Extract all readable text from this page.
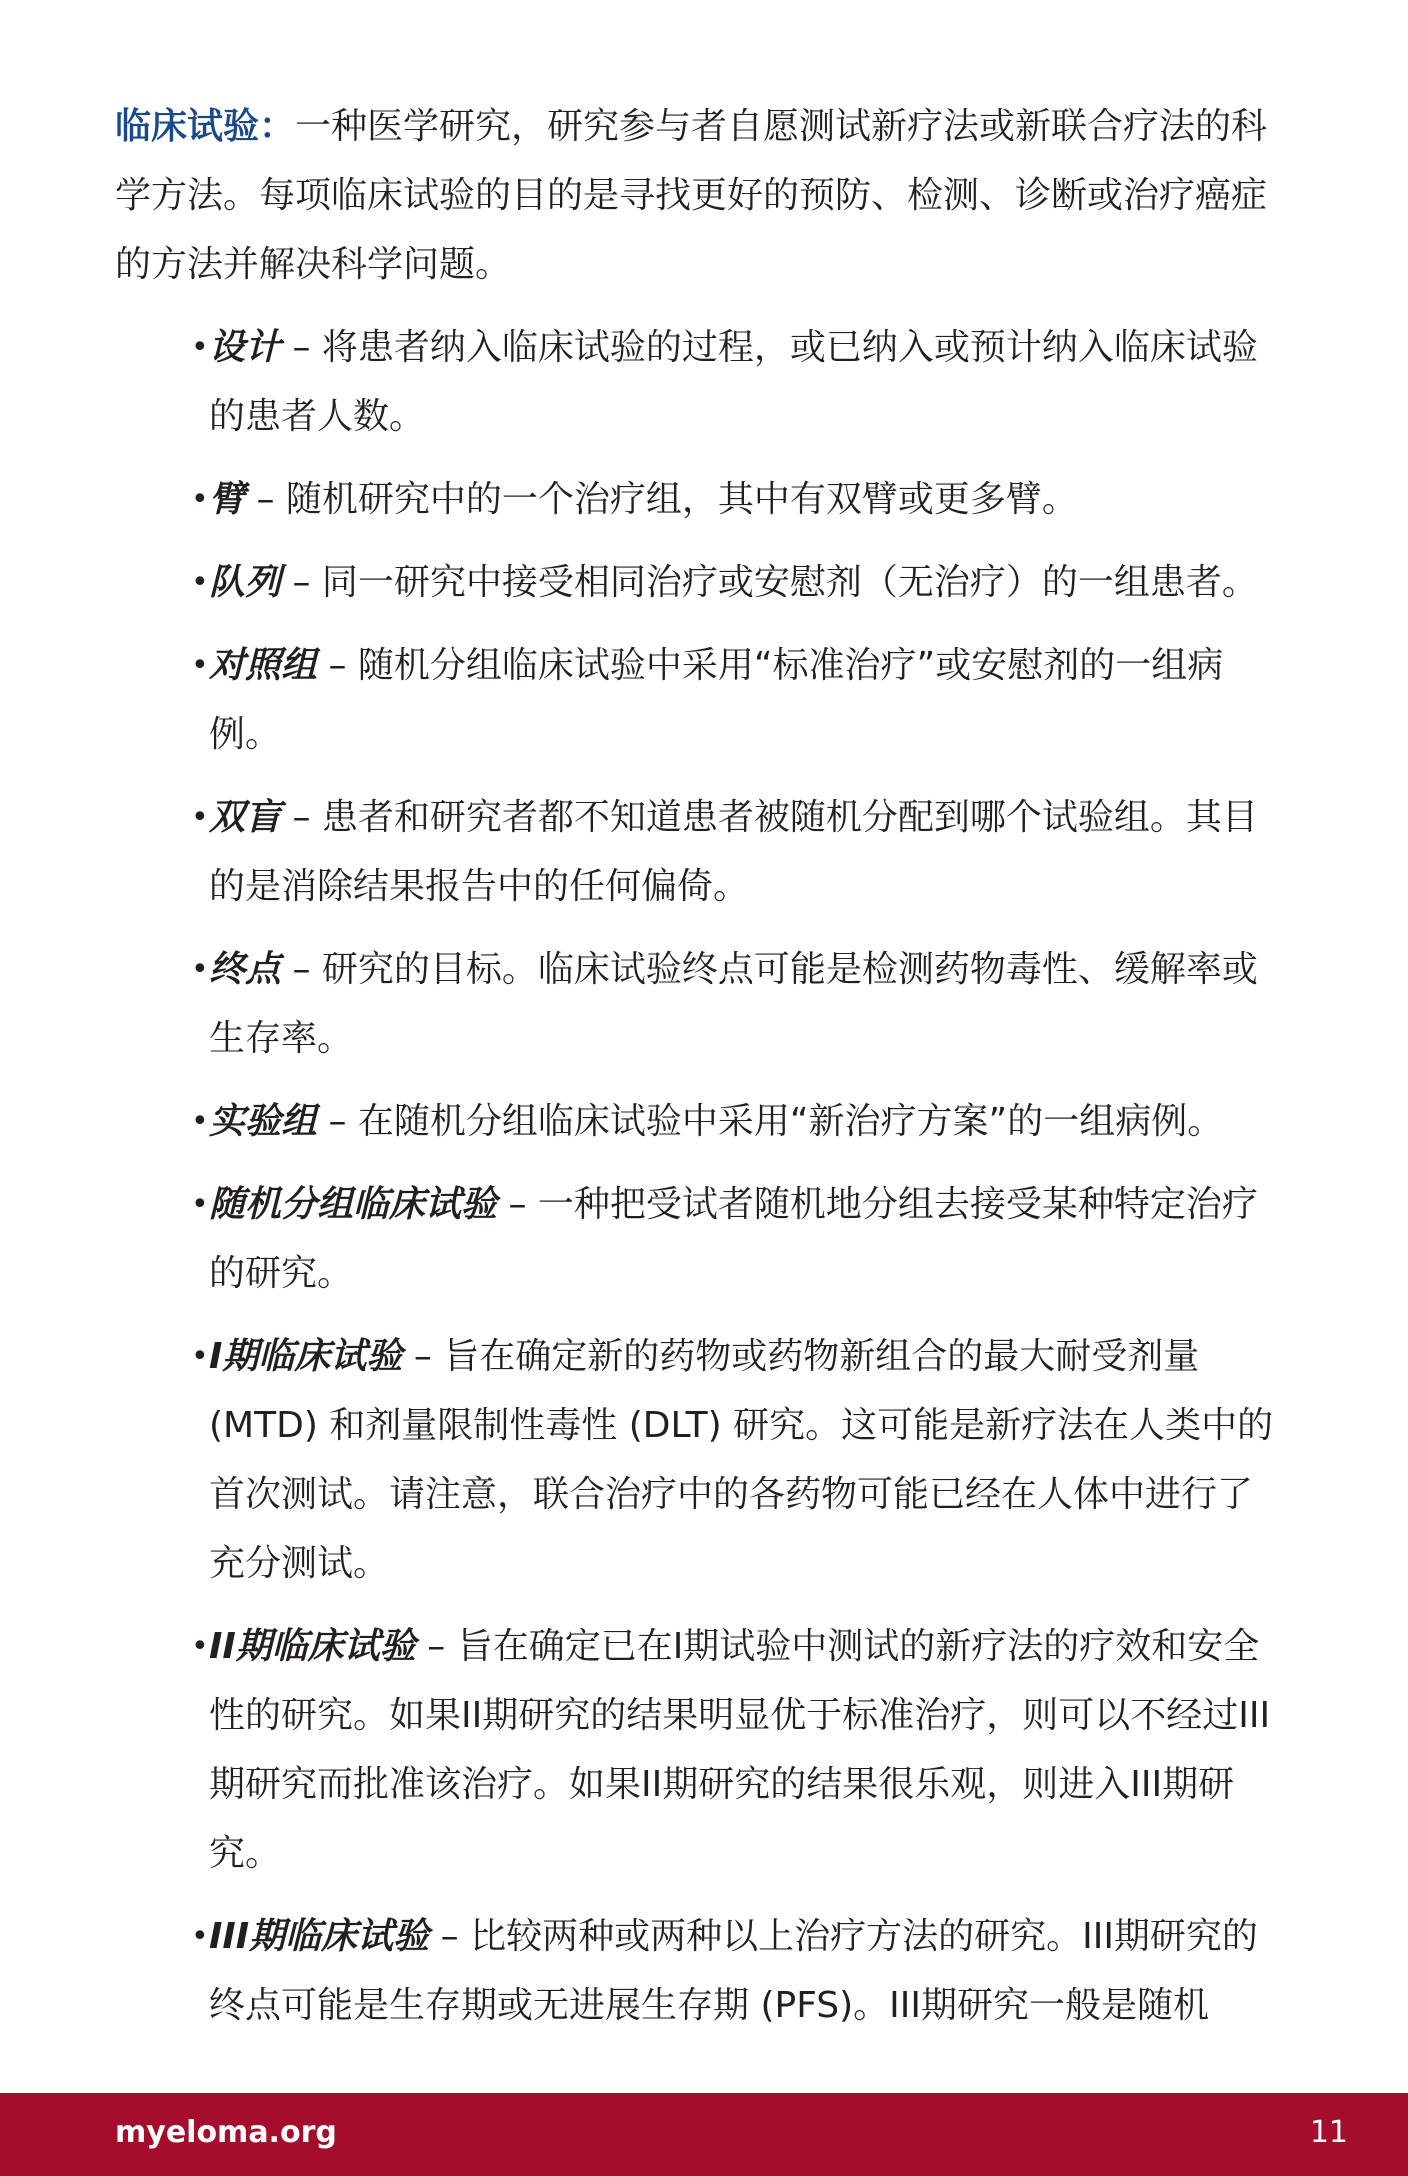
临床试验：一种医学研究，研究参与者自愿测试新疗法或新联合疗法的科学方法。每项临床试验的目的是寻找更好的预防、检测、诊断或治疗癌症的方法并解决科学问题。

• 设计 – 将患者纳入临床试验的过程，或已纳入或预计纳入临床试验的患者人数。
• 臂 – 随机研究中的一个治疗组，其中有双臂或更多臂。
• 队列 – 同一研究中接受相同治疗或安慰剂（无治疗）的一组患者。
• 对照组 – 随机分组临床试验中采用“标准治疗”或安慰剂的一组病例。
• 双盲 – 患者和研究者都不知道患者被随机分配到哪个试验组。其目的是消除结果报告中的任何偏倚。
• 终点 – 研究的目标。临床试验终点可能是检测药物毒性、缓解率或生存率。
• 实验组 – 在随机分组临床试验中采用“新治疗方案”的一组病例。
• 随机分组临床试验 – 一种把受试者随机地分组去接受某种特定治疗的研究。
• I期临床试验 – 旨在确定新的药物或药物新组合的最大耐受剂量 (MTD) 和剂量限制性毒性 (DLT) 研究。这可能是新疗法在人类中的首次测试。请注意，联合治疗中的各药物可能已经在人体中进行了充分测试。
• II期临床试验 – 旨在确定已在I期试验中测试的新疗法的疗效和安全性的研究。如果II期研究的结果明显优于标准治疗，则可以不经过III期研究而批准该治疗。如果II期研究的结果很乐观，则进入III期研究。
• III期临床试验 – 比较两种或两种以上治疗方法的研究。III期研究的终点可能是生存期或无进展生存期 (PFS)。III期研究一般是随机
myeloma.org	11
